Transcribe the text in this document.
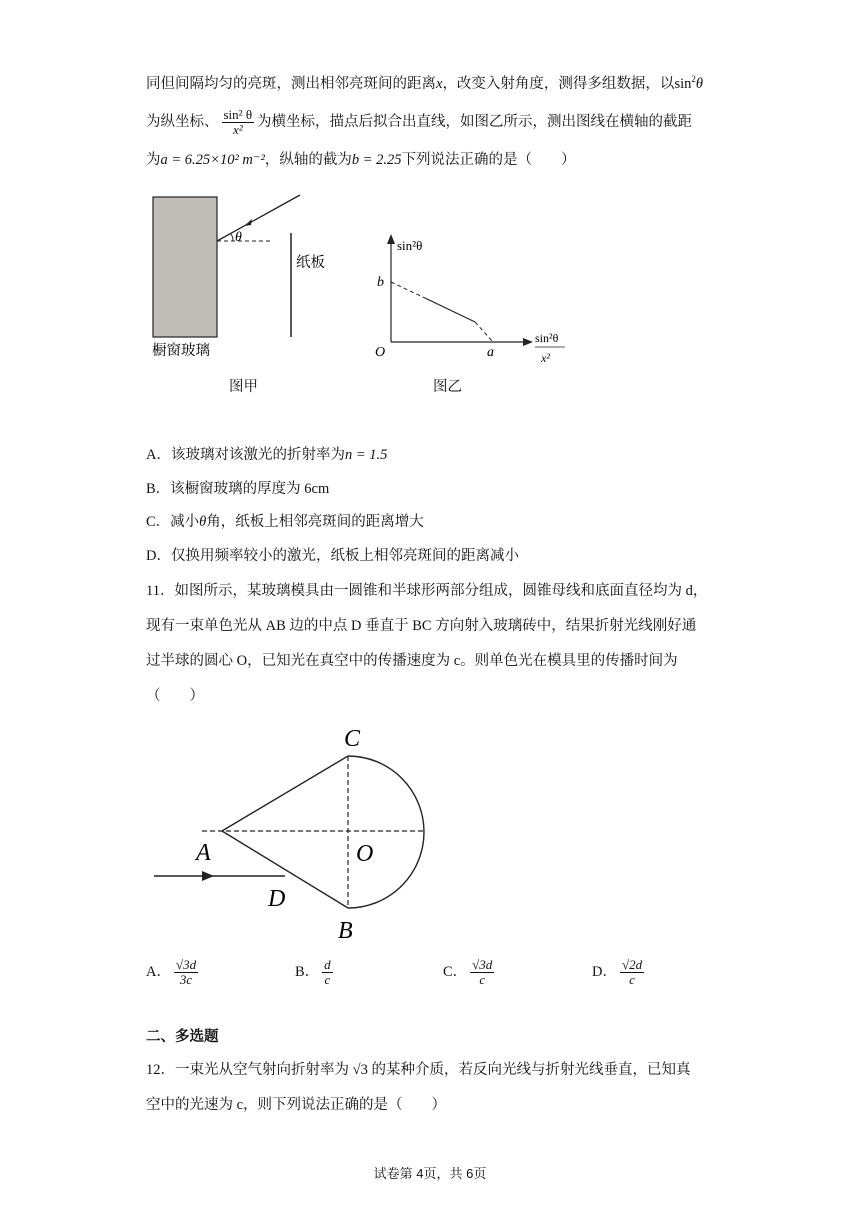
同但间隔均匀的亮斑，测出相邻亮斑间的距离x，改变入射角度，测得多组数据，以$\sin^2\theta$
为纵坐标、 $\frac{\text{sin² θ}}{\text{x²}}$ 为横坐标，描点后拟合出直线，如图乙所示，测出图线在横轴的截距
为a = 6.25×10² m⁻²，纵轴的截为b = 2.25下列说法正确的是（　　）
θ
纸板
橱窗玻璃
图甲
sin²θ
b
O	a
sin²θ
x²
图乙
A．该玻璃对该激光的折射率为n = 1.5
B．该橱窗玻璃的厚度为 6cm
C．减小θ角，纸板上相邻亮斑间的距离增大
D．仅换用频率较小的激光，纸板上相邻亮斑间的距离减小
11．如图所示，某玻璃模具由一圆锥和半球形两部分组成，圆锥母线和底面直径均为 d，
现有一束单色光从 AB 边的中点 D 垂直于 BC 方向射入玻璃砖中，结果折射光线刚好通
过半球的圆心 O，已知光在真空中的传播速度为 c。则单色光在模具里的传播时间为
（　　）
C
A	O
D
B
A． $\frac{√3d}{3c}$	B． $\frac{d}{c}$	C． $\frac{√3d}{c}$	D． $\frac{√2d}{c}$
二、多选题
12．一束光从空气射向折射率为 √3 的某种介质，若反向光线与折射光线垂直，已知真
空中的光速为 c，则下列说法正确的是（　　）
试卷第 4页，共 6页
